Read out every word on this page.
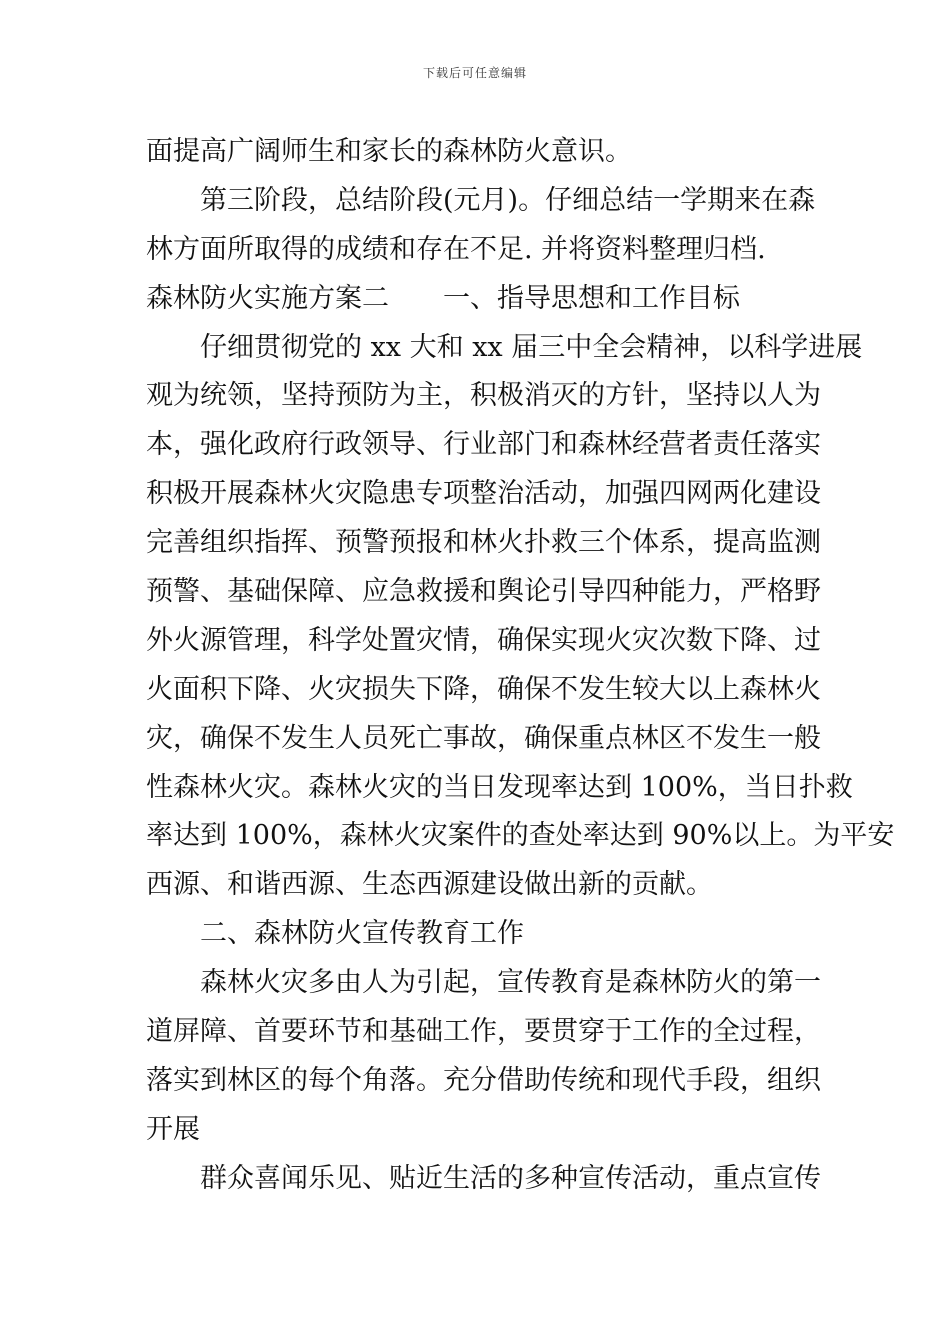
下载后可任意编辑
面提高广阔师生和家长的森林防火意识。
第三阶段，总结阶段(元月)。仔细总结一学期来在森
林方面所取得的成绩和存在不足. 并将资料整理归档.
森林防火实施方案二　　一、指导思想和工作目标
仔细贯彻党的 xx 大和 xx 届三中全会精神，以科学进展
观为统领，坚持预防为主，积极消灭的方针，坚持以人为
本，强化政府行政领导、行业部门和森林经营者责任落实
积极开展森林火灾隐患专项整治活动，加强四网两化建设
完善组织指挥、预警预报和林火扑救三个体系，提高监测
预警、基础保障、应急救援和舆论引导四种能力，严格野
外火源管理，科学处置灾情，确保实现火灾次数下降、过
火面积下降、火灾损失下降，确保不发生较大以上森林火
灾，确保不发生人员死亡事故，确保重点林区不发生一般
性森林火灾。森林火灾的当日发现率达到 100%，当日扑救
率达到 100%，森林火灾案件的查处率达到 90%以上。为平安
西源、和谐西源、生态西源建设做出新的贡献。
二、森林防火宣传教育工作
森林火灾多由人为引起，宣传教育是森林防火的第一
道屏障、首要环节和基础工作，要贯穿于工作的全过程，
落实到林区的每个角落。充分借助传统和现代手段，组织
开展
群众喜闻乐见、贴近生活的多种宣传活动，重点宣传
